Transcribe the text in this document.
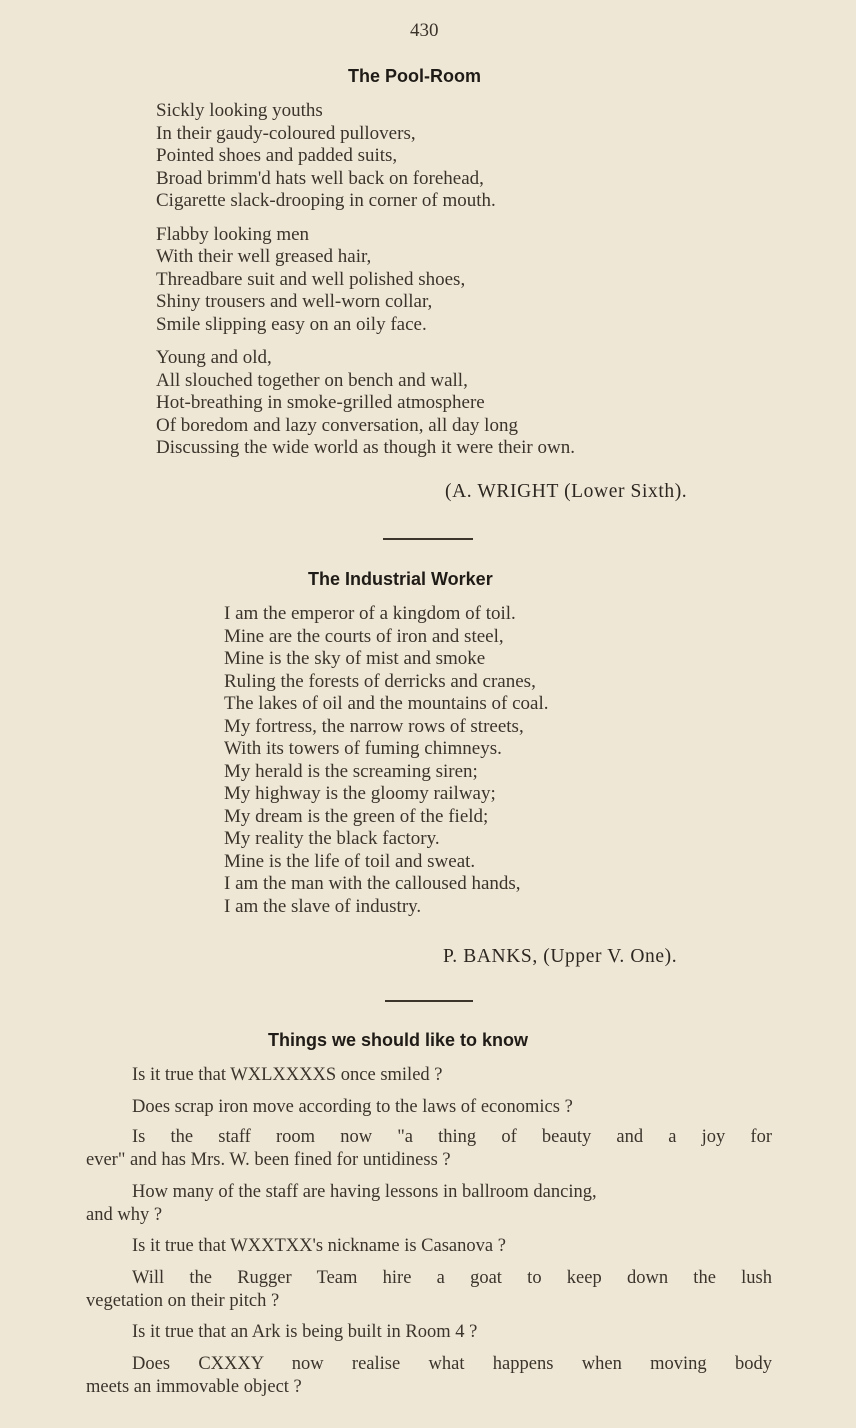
430
The Pool-Room
Sickly looking youths
In their gaudy-coloured pullovers,
Pointed shoes and padded suits,
Broad brimm'd hats well back on forehead,
Cigarette slack-drooping in corner of mouth.
Flabby looking men
With their well greased hair,
Threadbare suit and well polished shoes,
Shiny trousers and well-worn collar,
Smile slipping easy on an oily face.
Young and old,
All slouched together on bench and wall,
Hot-breathing in smoke-grilled atmosphere
Of boredom and lazy conversation, all day long
Discussing the wide world as though it were their own.
(A. WRIGHT (Lower Sixth).
The Industrial Worker
I am the emperor of a kingdom of toil.
Mine are the courts of iron and steel,
Mine is the sky of mist and smoke
Ruling the forests of derricks and cranes,
The lakes of oil and the mountains of coal.
My fortress, the narrow rows of streets,
With its towers of fuming chimneys.
My herald is the screaming siren;
My highway is the gloomy railway;
My dream is the green of the field;
My reality the black factory.
Mine is the life of toil and sweat.
I am the man with the calloused hands,
I am the slave of industry.
P. BANKS, (Upper V. One).
Things we should like to know
Is it true that WXLXXXXS once smiled ?
Does scrap iron move according to the laws of economics ?
Is the staff room now "a thing of beauty and a joy for
ever" and has Mrs. W. been fined for untidiness ?
How many of the staff are having lessons in ballroom dancing,
and why ?
Is it true that WXXTXX's nickname is Casanova ?
Will the Rugger Team hire a goat to keep down the lush
vegetation on their pitch ?
Is it true that an Ark is being built in Room 4 ?
Does CXXXY now realise what happens when moving body
meets an immovable object ?
